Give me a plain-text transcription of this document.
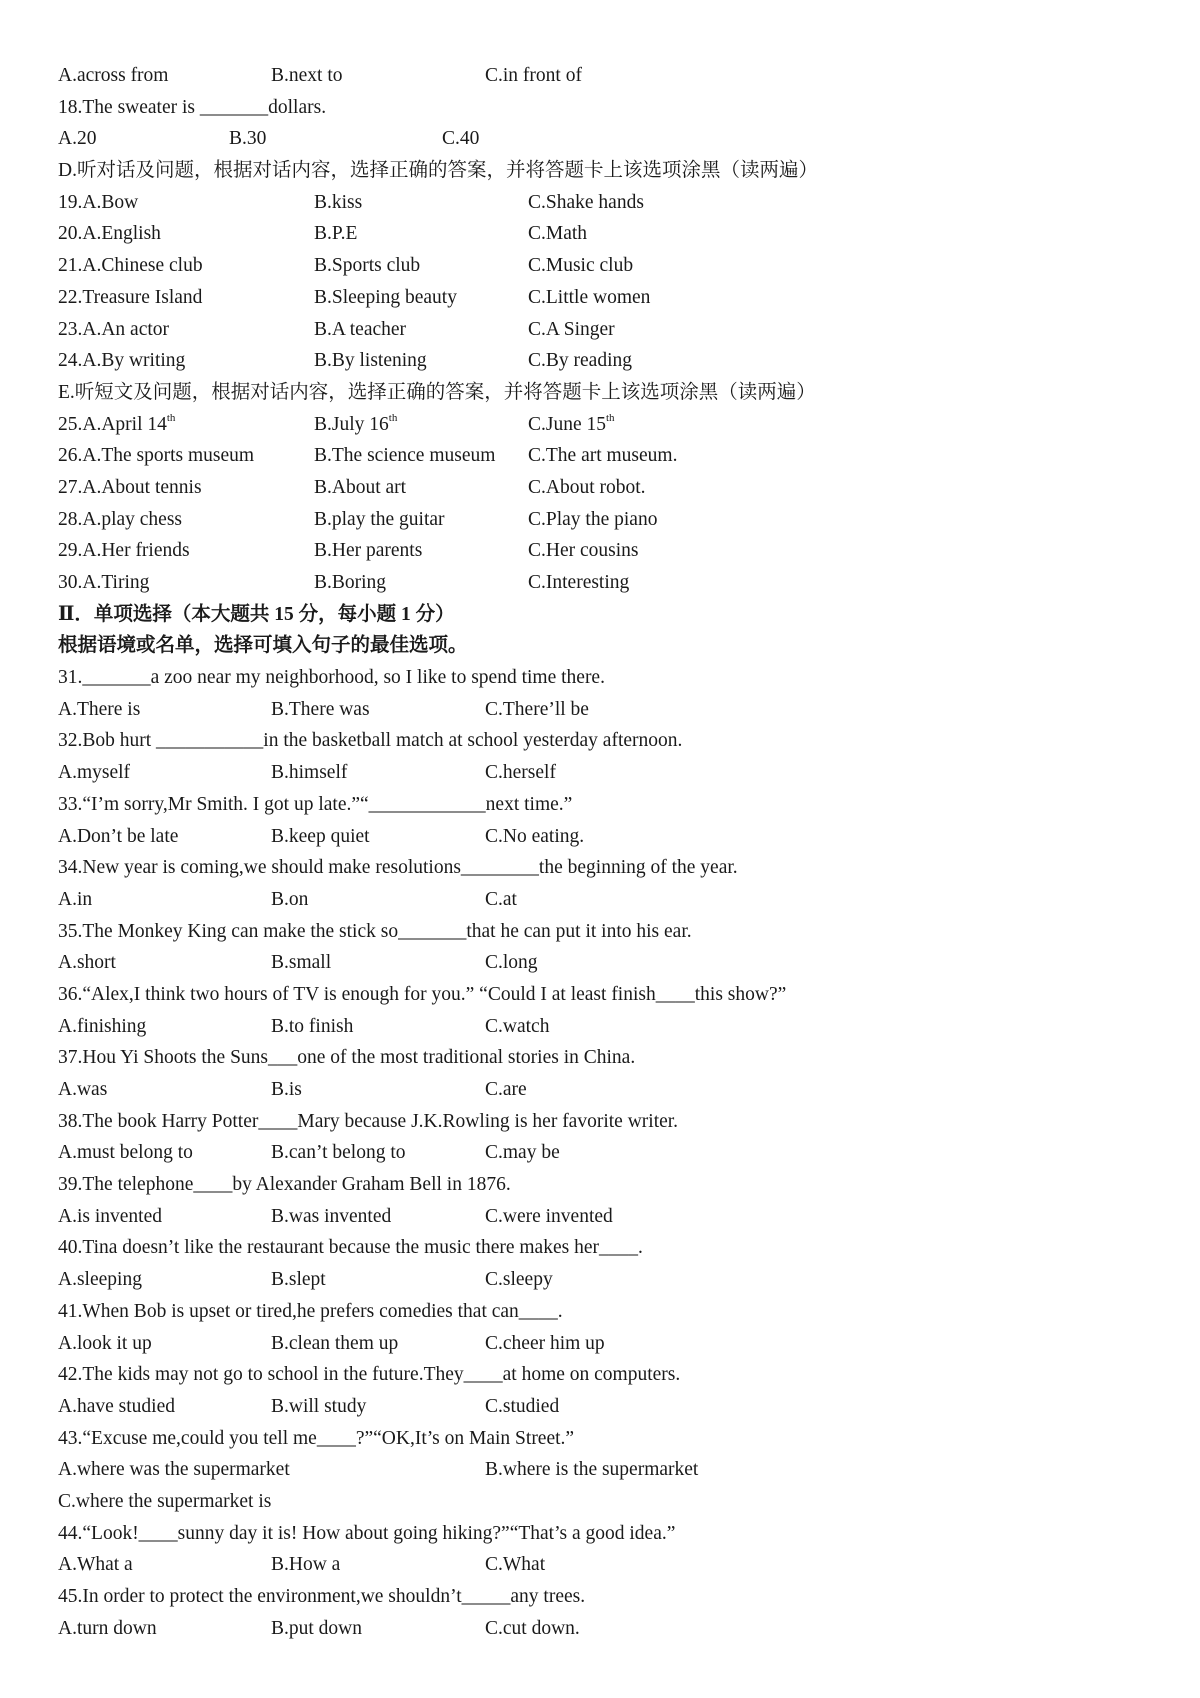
A.across from	B.next to	C.in front of
18.The sweater is _______dollars.
A.20	B.30	C.40
D.听对话及问题，根据对话内容，选择正确的答案，并将答题卡上该选项涂黑（读两遍）
19.A.Bow	B.kiss	C.Shake hands
20.A.English	B.P.E	C.Math
21.A.Chinese club	B.Sports club	C.Music club
22.Treasure Island	B.Sleeping beauty	C.Little women
23.A.An actor	B.A teacher	C.A Singer
24.A.By writing	B.By listening	C.By reading
E.听短文及问题，根据对话内容，选择正确的答案，并将答题卡上该选项涂黑（读两遍）
25.A.April 14th	B.July 16th	C.June 15th
26.A.The sports museum	B.The science museum C.The art museum.
27.A.About tennis	B.About art	C.About robot.
28.A.play chess	B.play the guitar	C.Play the piano
29.A.Her friends	B.Her parents	C.Her cousins
30.A.Tiring	B.Boring	C.Interesting
Ⅱ．单项选择（本大题共 15 分，每小题 1 分）
根据语境或名单，选择可填入句子的最佳选项。
31._______a zoo near my neighborhood, so I like to spend time there.
A.There is	B.There was	C.There’ll be
32.Bob hurt ___________in the basketball match at school yesterday afternoon.
A.myself	B.himself	C.herself
33.“I’m sorry,Mr Smith. I got up late.”“____________next time.”
A.Don’t be late	B.keep quiet	C.No eating.
34.New year is coming,we should make resolutions________the beginning of the year.
A.in	B.on	C.at
35.The Monkey King can make the stick so_______that he can put it into his ear.
A.short	B.small	C.long
36.“Alex,I think two hours of TV is enough for you.” “Could I at least finish____this show?”
A.finishing	B.to finish	C.watch
37.Hou Yi Shoots the Suns___one of the most traditional stories in China.
A.was	B.is	C.are
38.The book Harry Potter____Mary because J.K.Rowling is her favorite writer.
A.must belong to	B.can’t belong to	C.may be
39.The telephone____by Alexander Graham Bell in 1876.
A.is invented	B.was invented	C.were invented
40.Tina doesn’t like the restaurant because the music there makes her____.
A.sleeping	B.slept	C.sleepy
41.When Bob is upset or tired,he prefers comedies that can____.
A.look it up	B.clean them up	C.cheer him up
42.The kids may not go to school in the future.They____at home on computers.
A.have studied	B.will study	C.studied
43.“Excuse me,could you tell me____?”“OK,It’s on Main Street.”
A.where was the supermarket	B.where is the supermarket
C.where the supermarket is
44.“Look!____sunny day it is! How about going hiking?”“That’s a good idea.”
A.What a	B.How a	C.What
45.In order to protect the environment,we shouldn’t_____any trees.
A.turn down	B.put down	C.cut down.
